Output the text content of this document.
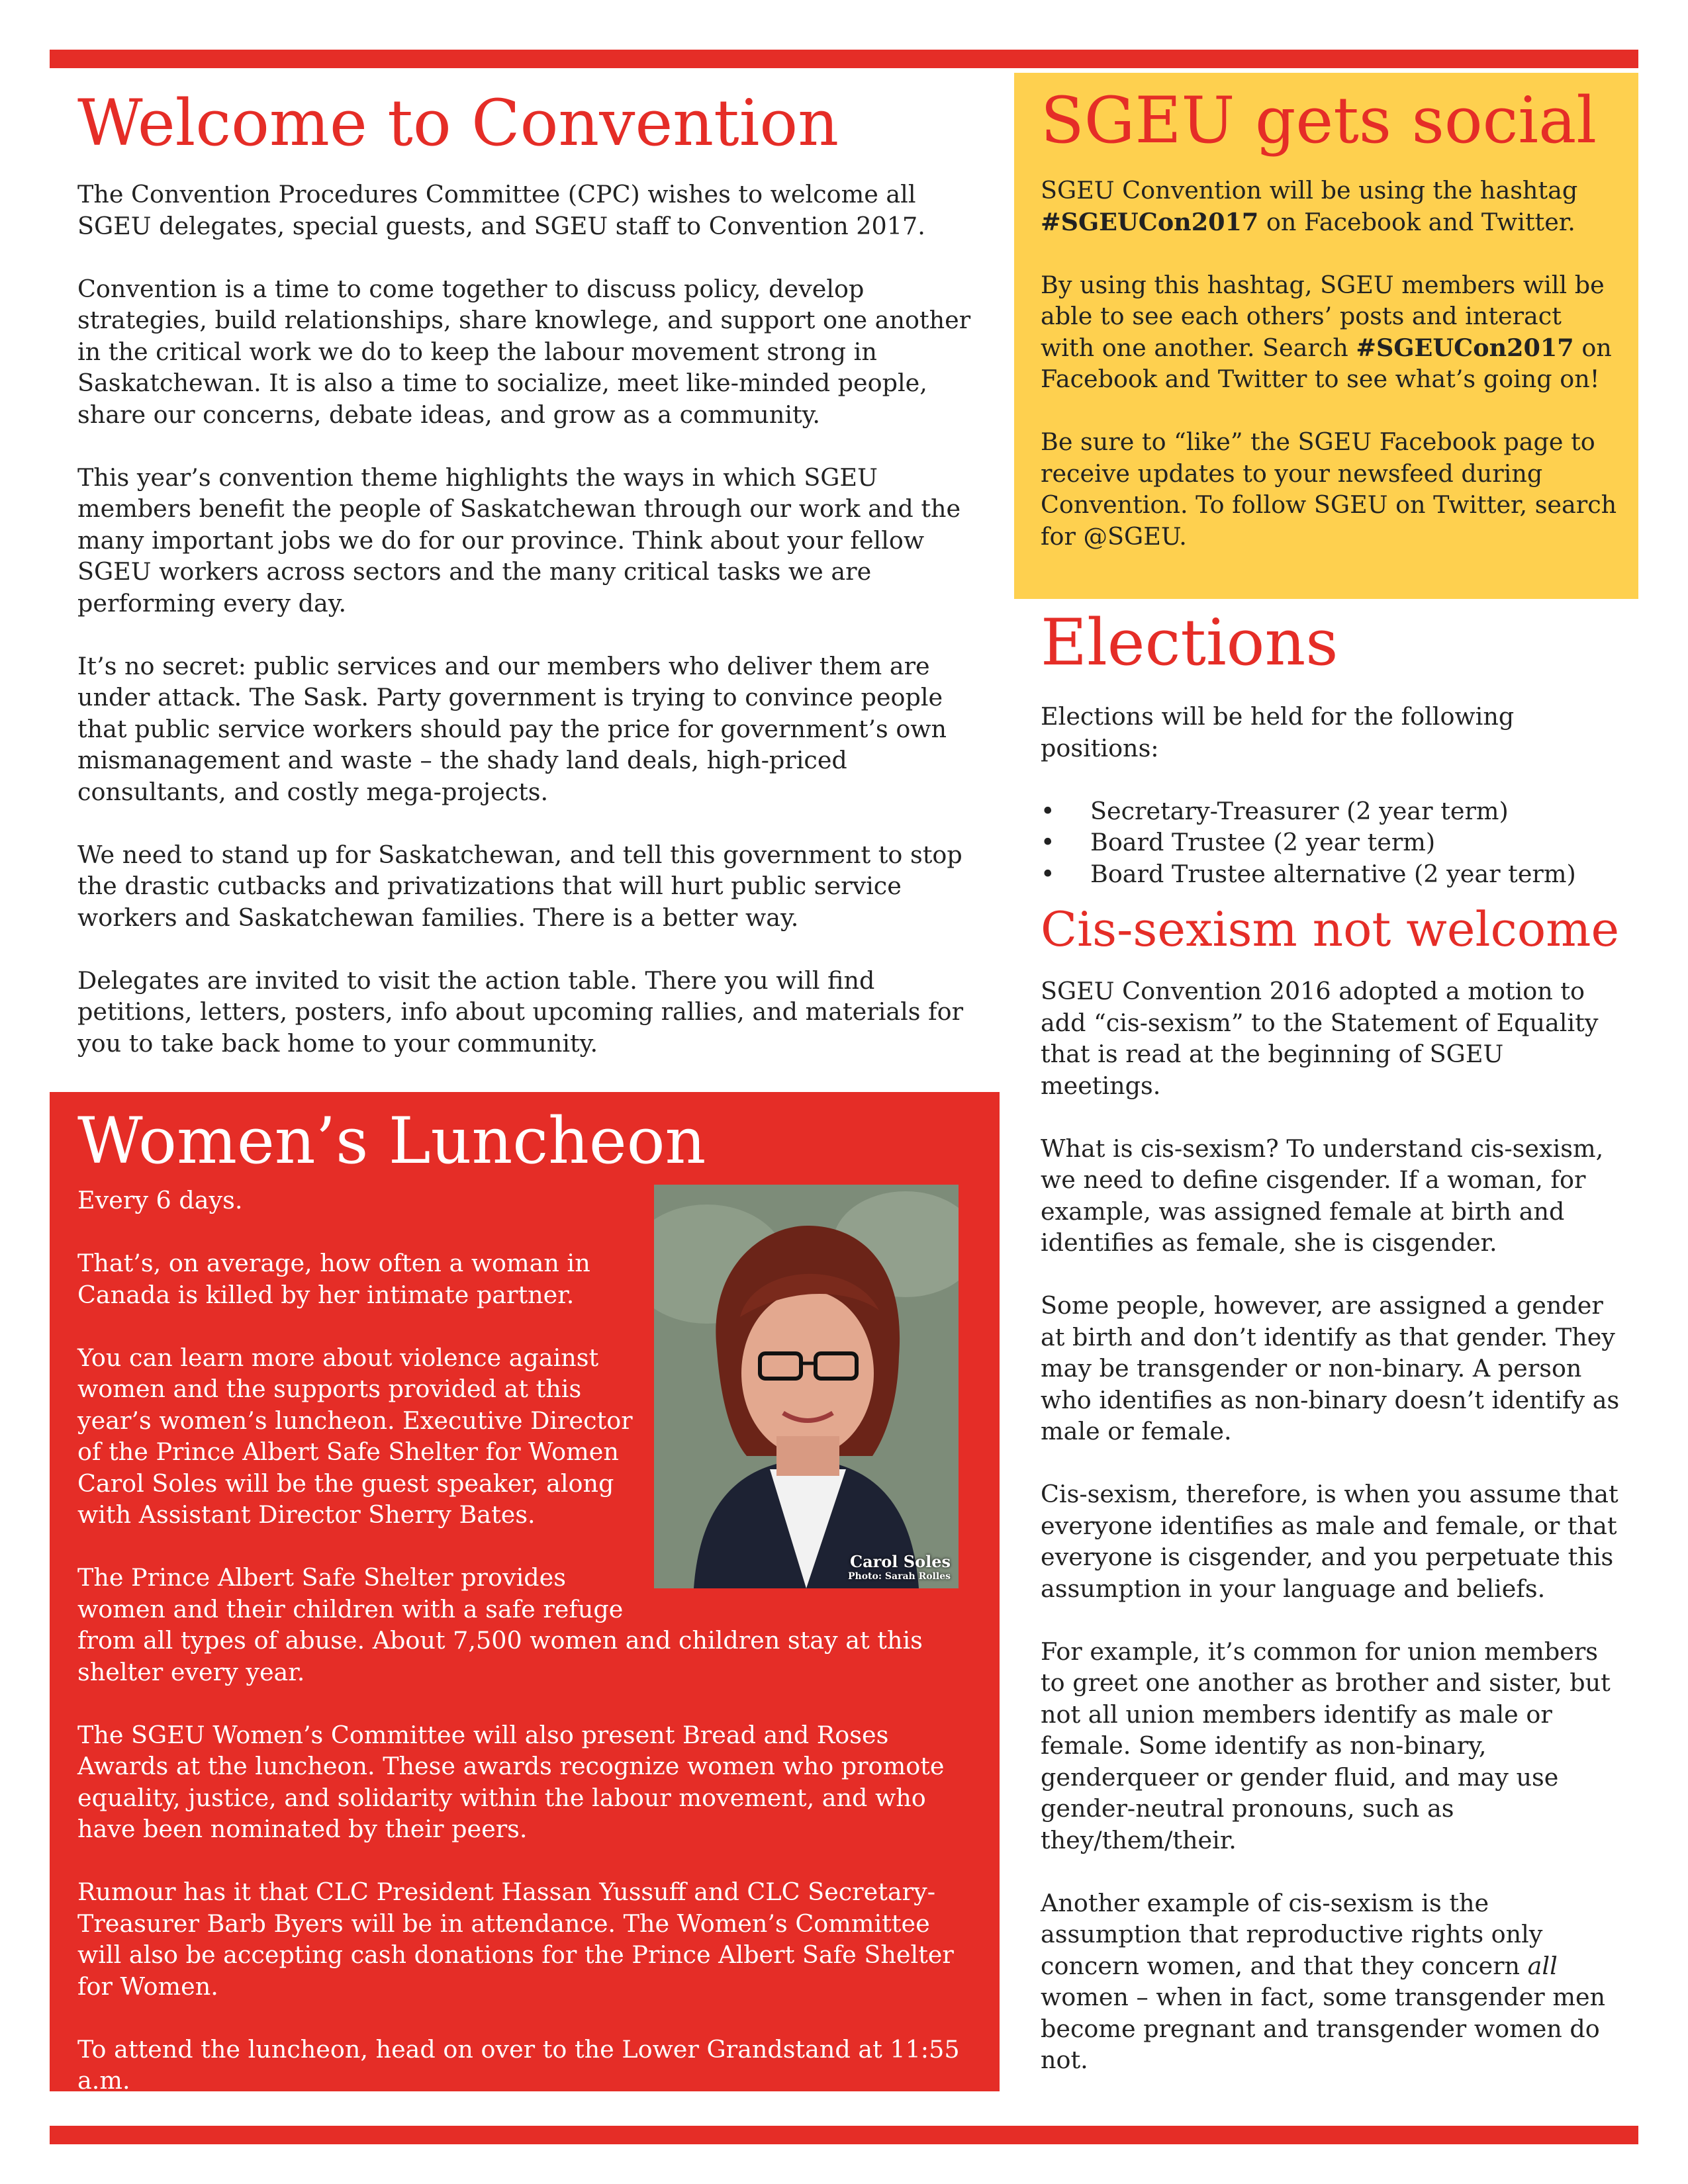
Welcome to Convention

The Convention Procedures Committee (CPC) wishes to welcome all SGEU delegates, special guests, and SGEU staff to Convention 2017.

Convention is a time to come together to discuss policy, develop strategies, build relationships, share knowlege, and support one another in the critical work we do to keep the labour movement strong in Saskatchewan. It is also a time to socialize, meet like-minded people, share our concerns, debate ideas, and grow as a community.

This year’s convention theme highlights the ways in which SGEU members benefit the people of Saskatchewan through our work and the many important jobs we do for our province. Think about your fellow SGEU workers across sectors and the many critical tasks we are performing every day.

It’s no secret: public services and our members who deliver them are under attack. The Sask. Party government is trying to convince people that public service workers should pay the price for government’s own mismanagement and waste – the shady land deals, high-priced consultants, and costly mega-projects.

We need to stand up for Saskatchewan, and tell this government to stop the drastic cutbacks and privatizations that will hurt public service workers and Saskatchewan families. There is a better way.

Delegates are invited to visit the action table. There you will find petitions, letters, posters, info about upcoming rallies, and materials for you to take back home to your community.

Women’s Luncheon
Carol Soles
Photo: Sarah Rolles

Every 6 days.

That’s, on average, how often a woman in Canada is killed by her intimate partner.

You can learn more about violence against women and the supports provided at this year’s women’s luncheon. Executive Director of the Prince Albert Safe Shelter for Women Carol Soles will be the guest speaker, along with Assistant Director Sherry Bates.

The Prince Albert Safe Shelter provides women and their children with a safe refuge from all types of abuse. About 7,500 women and children stay at this shelter every year.

The SGEU Women’s Committee will also present Bread and Roses Awards at the luncheon. These awards recognize women who promote equality, justice, and solidarity within the labour movement, and who have been nominated by their peers.

Rumour has it that CLC President Hassan Yussuff and CLC Secretary-Treasurer Barb Byers will be in attendance. The Women’s Committee will also be accepting cash donations for the Prince Albert Safe Shelter for Women.

To attend the luncheon, head on over to the Lower Grandstand at 11:55 a.m.

SGEU gets social

SGEU Convention will be using the hashtag #SGEUCon2017 on Facebook and Twitter.

By using this hashtag, SGEU members will be able to see each others’ posts and interact with one another. Search #SGEUCon2017 on Facebook and Twitter to see what’s going on!

Be sure to “like” the SGEU Facebook page to receive updates to your newsfeed during Convention. To follow SGEU on Twitter, search for @SGEU.

Elections

Elections will be held for the following positions:

• Secretary-Treasurer (2 year term)
• Board Trustee (2 year term)
• Board Trustee alternative (2 year term)
Cis-sexism not welcome

SGEU Convention 2016 adopted a motion to add “cis-sexism” to the Statement of Equality that is read at the beginning of SGEU meetings.

What is cis-sexism? To understand cis-sexism, we need to define cisgender. If a woman, for example, was assigned female at birth and identifies as female, she is cisgender.

Some people, however, are assigned a gender at birth and don’t identify as that gender. They may be transgender or non-binary. A person who identifies as non-binary doesn’t identify as male or female.

Cis-sexism, therefore, is when you assume that everyone identifies as male and female, or that everyone is cisgender, and you perpetuate this assumption in your language and beliefs.

For example, it’s common for union members to greet one another as brother and sister, but not all union members identify as male or female. Some identify as non-binary, genderqueer or gender fluid, and may use gender-neutral pronouns, such as they/them/their.

Another example of cis-sexism is the assumption that reproductive rights only concern women, and that they concern all women – when in fact, some transgender men become pregnant and transgender women do not.
